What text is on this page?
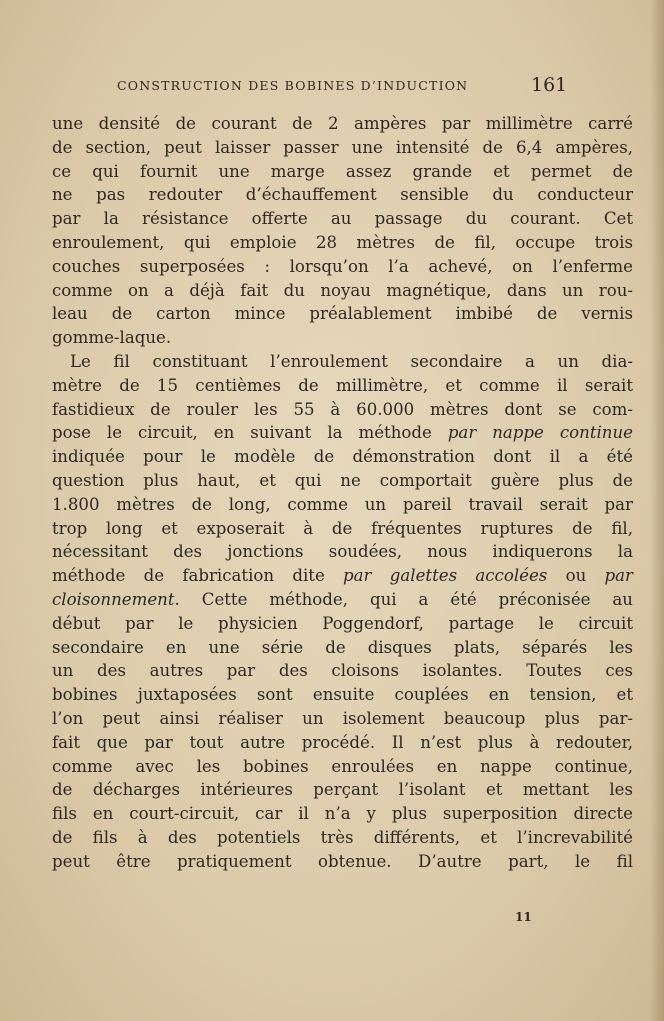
CONSTRUCTION DES BOBINES D’INDUCTION	161
une densité de courant de 2 ampères par millimètre carré
de section, peut laisser passer une intensité de 6,4 ampères,
ce qui fournit une marge assez grande et permet de
ne pas redouter d’échauffement sensible du conducteur
par la résistance offerte au passage du courant. Cet
enroulement, qui emploie 28 mètres de fil, occupe trois
couches superposées : lorsqu’on l’a achevé, on l’enferme
comme on a déjà fait du noyau magnétique, dans un rou-
leau de carton mince préalablement imbibé de vernis
gomme-laque.
Le fil constituant l’enroulement secondaire a un dia-
mètre de 15 centièmes de millimètre, et comme il serait
fastidieux de rouler les 55 à 60.000 mètres dont se com-
pose le circuit, en suivant la méthode par nappe continue
indiquée pour le modèle de démonstration dont il a été
question plus haut, et qui ne comportait guère plus de
1.800 mètres de long, comme un pareil travail serait par
trop long et exposerait à de fréquentes ruptures de fil,
nécessitant des jonctions soudées, nous indiquerons la
méthode de fabrication dite par galettes accolées ou par
cloisonnement. Cette méthode, qui a été préconisée au
début par le physicien Poggendorf, partage le circuit
secondaire en une série de disques plats, séparés les
un des autres par des cloisons isolantes. Toutes ces
bobines juxtaposées sont ensuite couplées en tension, et
l’on peut ainsi réaliser un isolement beaucoup plus par-
fait que par tout autre procédé. Il n’est plus à redouter,
comme avec les bobines enroulées en nappe continue,
de décharges intérieures perçant l’isolant et mettant les
fils en court-circuit, car il n’a y plus superposition directe
de fils à des potentiels très différents, et l’increvabilité
peut être pratiquement obtenue. D’autre part, le fil
11
